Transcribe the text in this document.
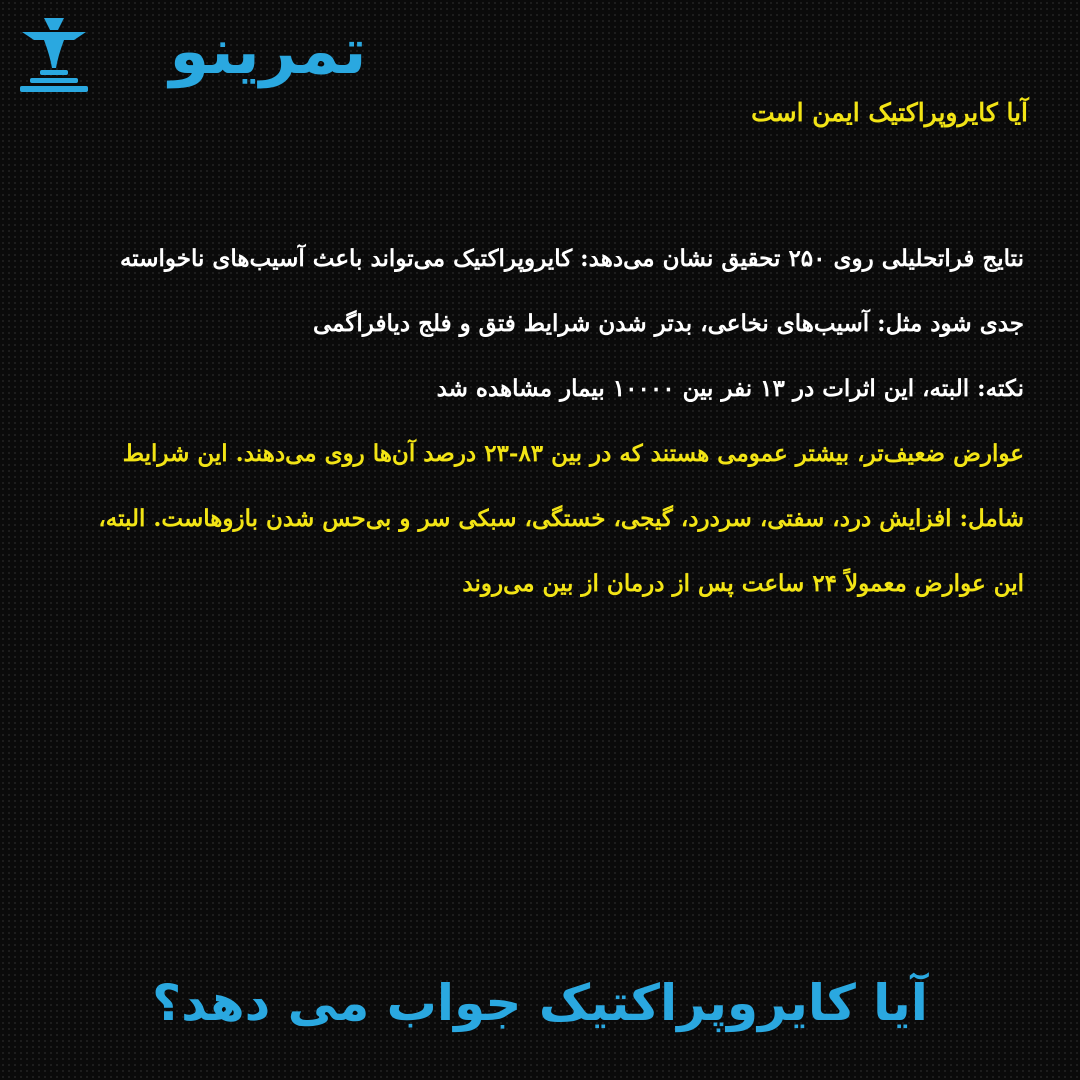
تمرینو
آیا کایروپراکتیک ایمن است

نتایج فراتحلیلی روی ۲۵۰ تحقیق نشان می‌دهد: کایروپراکتیک می‌تواند باعث آسیب‌های ناخواسته جدی شود مثل: آسیب‌های نخاعی، بدتر شدن شرایط فتق و فلج دیافراگمی
نکته: البته، این اثرات در ۱۳ نفر بین ۱۰۰۰۰ بیمار مشاهده شد

عوارض ضعیف‌تر، بیشتر عمومی هستند که در بین ۸۳-۲۳ درصد آن‌ها روی می‌دهند. این شرایط شامل: افزایش درد، سفتی، سردرد، گیجی، خستگی، سبکی سر و بی‌حس شدن بازوهاست. البته، این عوارض معمولاً ۲۴ ساعت پس از درمان از بین می‌روند

آیا کایروپراکتیک جواب می دهد؟
